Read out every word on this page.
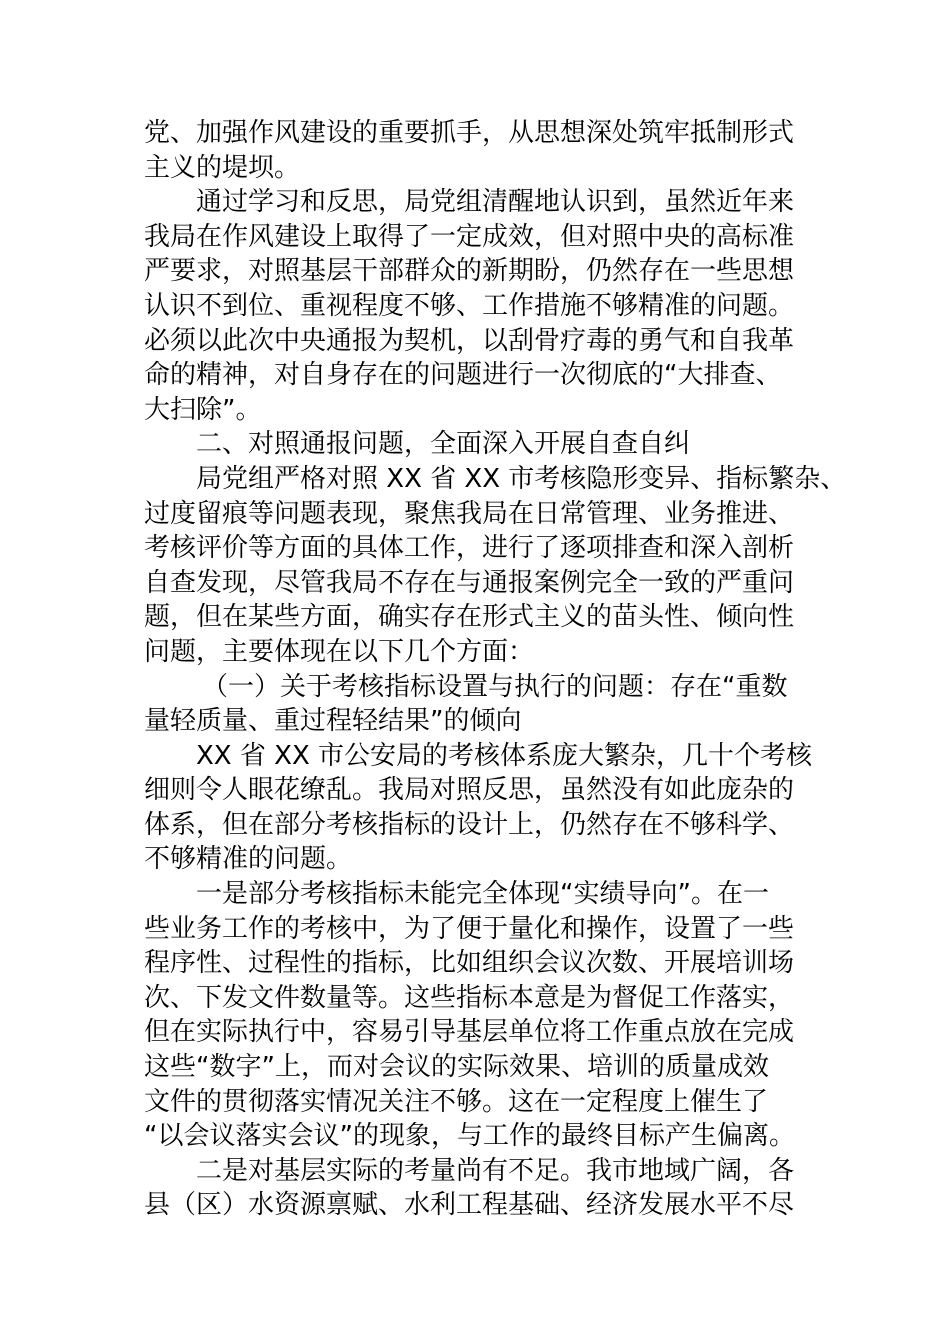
党、加强作风建设的重要抓手，从思想深处筑牢抵制形式
主义的堤坝。
通过学习和反思，局党组清醒地认识到，虽然近年来
我局在作风建设上取得了一定成效，但对照中央的高标准
严要求，对照基层干部群众的新期盼，仍然存在一些思想
认识不到位、重视程度不够、工作措施不够精准的问题。
必须以此次中央通报为契机，以刮骨疗毒的勇气和自我革
命的精神，对自身存在的问题进行一次彻底的“大排查、
大扫除”。
二、对照通报问题，全面深入开展自查自纠
局党组严格对照 XX 省 XX 市考核隐形变异、指标繁杂、
过度留痕等问题表现，聚焦我局在日常管理、业务推进、
考核评价等方面的具体工作，进行了逐项排查和深入剖析
自查发现，尽管我局不存在与通报案例完全一致的严重问
题，但在某些方面，确实存在形式主义的苗头性、倾向性
问题，主要体现在以下几个方面：
（一）关于考核指标设置与执行的问题：存在“重数
量轻质量、重过程轻结果”的倾向
XX 省 XX 市公安局的考核体系庞大繁杂，几十个考核
细则令人眼花缭乱。我局对照反思，虽然没有如此庞杂的
体系，但在部分考核指标的设计上，仍然存在不够科学、
不够精准的问题。
一是部分考核指标未能完全体现“实绩导向”。在一
些业务工作的考核中，为了便于量化和操作，设置了一些
程序性、过程性的指标，比如组织会议次数、开展培训场
次、下发文件数量等。这些指标本意是为督促工作落实，
但在实际执行中，容易引导基层单位将工作重点放在完成
这些“数字”上，而对会议的实际效果、培训的质量成效
文件的贯彻落实情况关注不够。这在一定程度上催生了
“以会议落实会议”的现象，与工作的最终目标产生偏离。
二是对基层实际的考量尚有不足。我市地域广阔，各
县（区）水资源禀赋、水利工程基础、经济发展水平不尽
